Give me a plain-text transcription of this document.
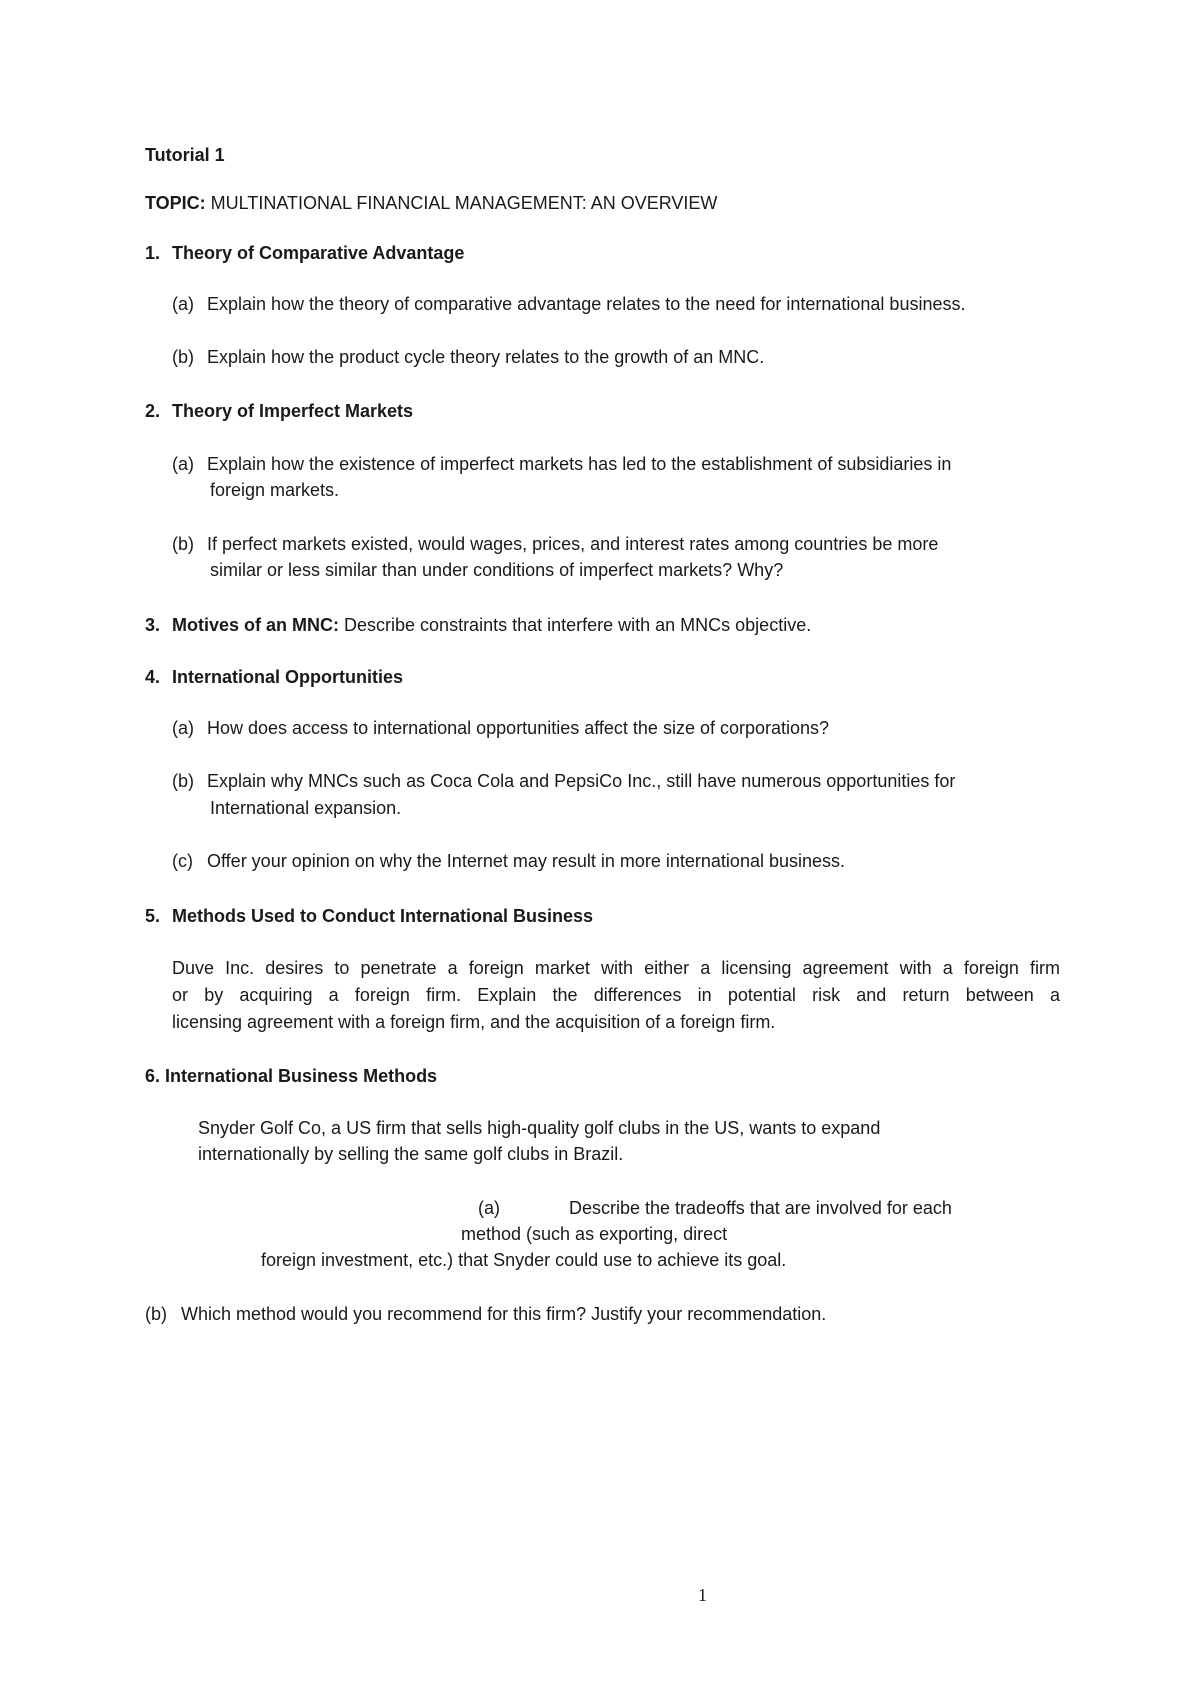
Tutorial 1
TOPIC: MULTINATIONAL FINANCIAL MANAGEMENT: AN OVERVIEW
1. Theory of Comparative Advantage
(a) Explain how the theory of comparative advantage relates to the need for international business.
(b) Explain how the product cycle theory relates to the growth of an MNC.
2. Theory of Imperfect Markets
(a) Explain how the existence of imperfect markets has led to the establishment of subsidiaries in
foreign markets.
(b) If perfect markets existed, would wages, prices, and interest rates among countries be more
similar or less similar than under conditions of imperfect markets? Why?
3. Motives of an MNC: Describe constraints that interfere with an MNCs objective.
4. International Opportunities
(a) How does access to international opportunities affect the size of corporations?
(b) Explain why MNCs such as Coca Cola and PepsiCo Inc., still have numerous opportunities for
International expansion.
(c) Offer your opinion on why the Internet may result in more international business.
5. Methods Used to Conduct International Business
Duve Inc. desires to penetrate a foreign market with either a licensing agreement with a foreign firm
or by acquiring a foreign firm. Explain the differences in potential risk and return between a
licensing agreement with a foreign firm, and the acquisition of a foreign firm.
6. International Business Methods
Snyder Golf Co, a US firm that sells high-quality golf clubs in the US, wants to expand
internationally by selling the same golf clubs in Brazil.
(a)	Describe the tradeoffs that are involved for each
method (such as exporting, direct
foreign investment, etc.) that Snyder could use to achieve its goal.
(b) Which method would you recommend for this firm? Justify your recommendation.
1
